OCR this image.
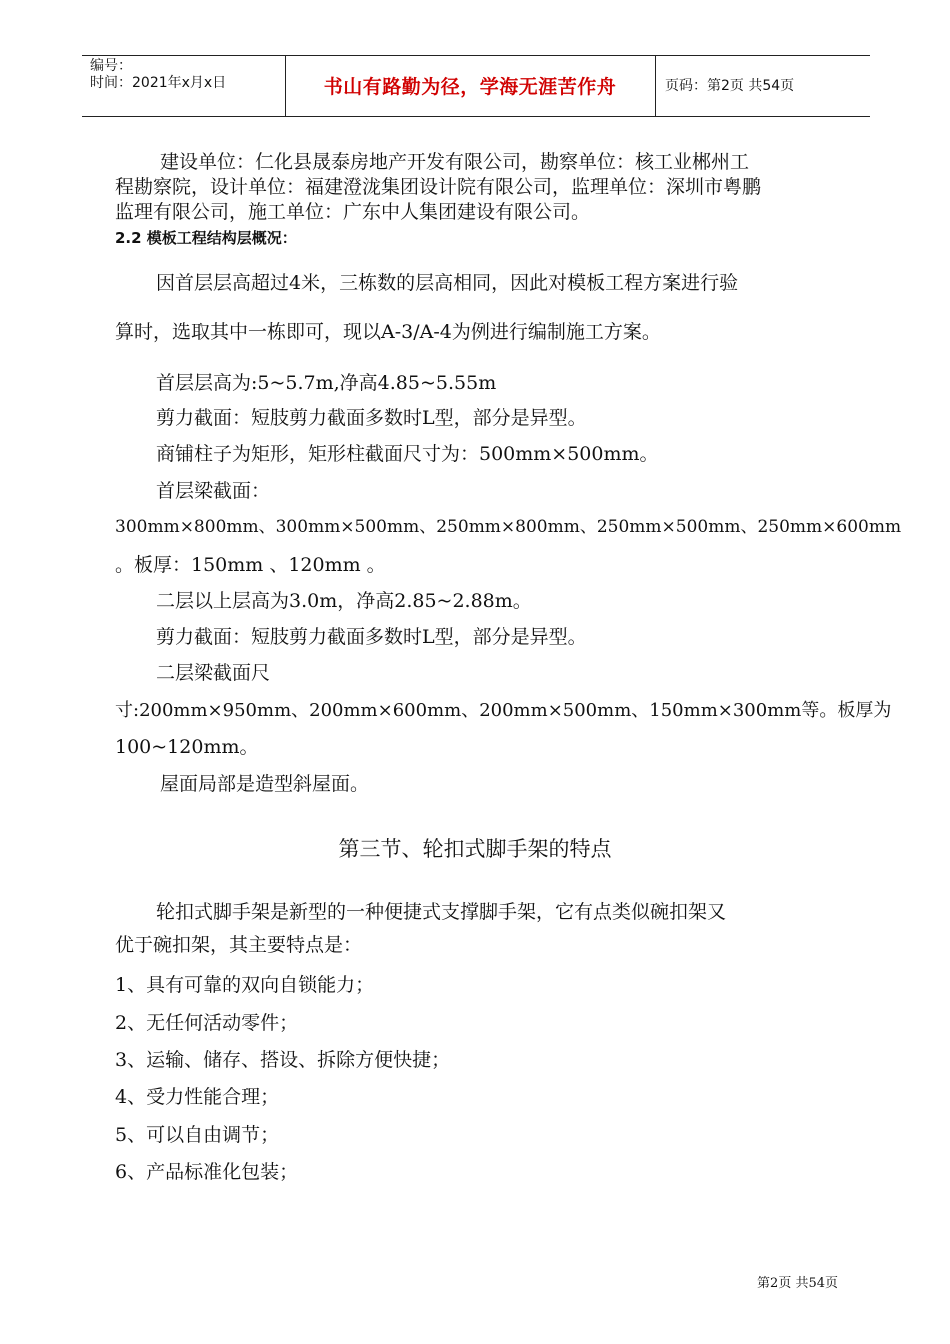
编号：
时间：2021年x月x日	书山有路勤为径，学海无涯苦作舟	页码：第2页 共54页
建设单位：仁化县晟泰房地产开发有限公司，勘察单位：核工业郴州工
程勘察院，设计单位：福建澄泷集团设计院有限公司，监理单位：深圳市粤鹏
监理有限公司，施工单位：广东中人集团建设有限公司。
2.2 模板工程结构层概况：
因首层层高超过4米，三栋数的层高相同，因此对模板工程方案进行验
算时，选取其中一栋即可，现以A-3/A-4为例进行编制施工方案。
首层层高为:5~5.7m,净高4.85~5.55m
剪力截面：短肢剪力截面多数时L型，部分是异型。
商铺柱子为矩形，矩形柱截面尺寸为：500mm×500mm。
首层梁截面：
300mm×800mm、300mm×500mm、250mm×800mm、250mm×500mm、250mm×600mm
。板厚：150mm 、120mm 。
二层以上层高为3.0m，净高2.85~2.88m。
剪力截面：短肢剪力截面多数时L型，部分是异型。
二层梁截面尺
寸:200mm×950mm、200mm×600mm、200mm×500mm、150mm×300mm等。板厚为
100~120mm。
屋面局部是造型斜屋面。
第三节、轮扣式脚手架的特点
轮扣式脚手架是新型的一种便捷式支撑脚手架，它有点类似碗扣架又
优于碗扣架，其主要特点是：
1、具有可靠的双向自锁能力；
2、无任何活动零件；
3、运输、储存、搭设、拆除方便快捷；
4、受力性能合理；
5、可以自由调节；
6、产品标准化包装；
第2页 共54页
